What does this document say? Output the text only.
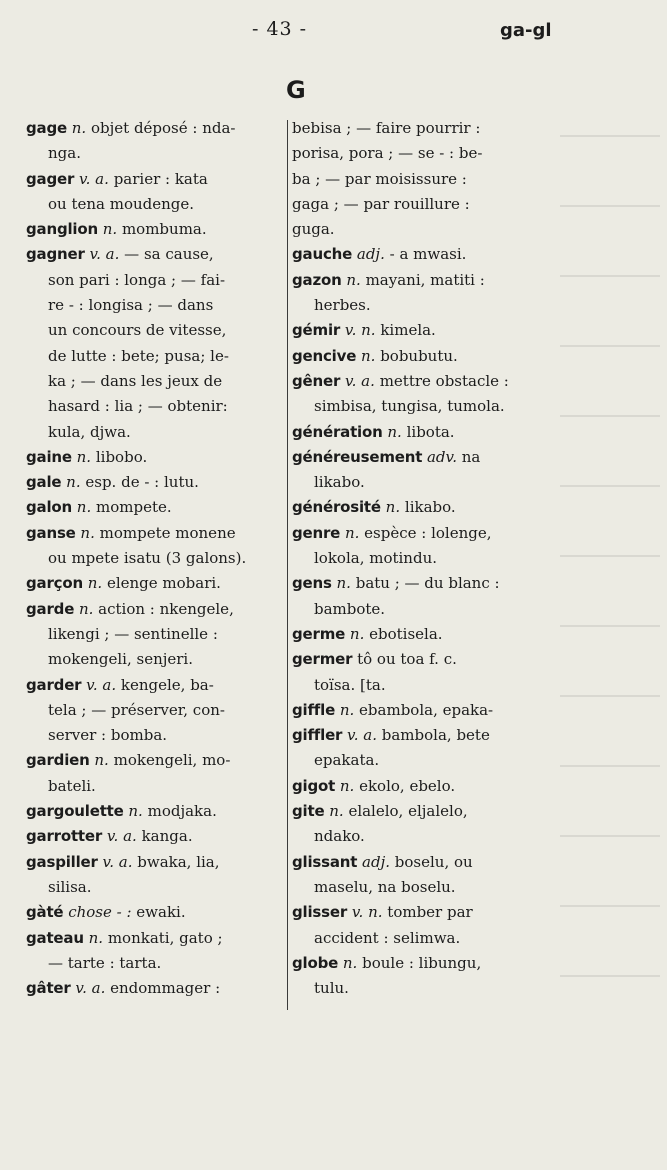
- 43 -	ga-gl
G
gage n. objet déposé : nda-
nga.
gager v. a. parier : kata
ou tena moudenge.
ganglion n. mombuma.
gagner v. a. — sa cause,
son pari : longa ; — fai-
re - : longisa ; — dans
un concours de vitesse,
de lutte : bete; pusa; le-
ka ; — dans les jeux de
hasard : lia ; — obtenir:
kula, djwa.
gaine n. libobo.
gale n. esp. de - : lutu.
galon n. mompete.
ganse n. mompete monene
ou mpete isatu (3 galons).
garçon n. elenge mobari.
garde n. action : nkengele,
likengi ; — sentinelle :
mokengeli, senjeri.
garder v. a. kengele, ba-
tela ; — préserver, con-
server : bomba.
gardien n. mokengeli, mo-
bateli.
gargoulette n. modjaka.
garrotter v. a. kanga.
gaspiller v. a. bwaka, lia,
silisa.
gàté chose - : ewaki.
gateau n. monkati, gato ;
— tarte : tarta.
gâter v. a. endommager :
bebisa ; — faire pourrir :
porisa, pora ; — se - : be-
ba ; — par moisissure :
gaga ; — par rouillure :
guga.
gauche adj. - a mwasi.
gazon n. mayani, matiti :
herbes.
gémir v. n. kimela.
gencive n. bobubutu.
gêner v. a. mettre obstacle :
simbisa, tungisa, tumola.
génération n. libota.
généreusement adv. na
likabo.
générosité n. likabo.
genre n. espèce : lolenge,
lokola, motindu.
gens n. batu ; — du blanc :
bambote.
germe n. ebotisela.
germer tô ou toa f. c.
toïsa. [ta.
giffle n. ebambola, epaka-
giffler v. a. bambola, bete
epakata.
gigot n. ekolo, ebelo.
gite n. elalelo, eljalelo,
ndako.
glissant adj. boselu, ou
maselu, na boselu.
glisser v. n. tomber par
accident : selimwa.
globe n. boule : libungu,
tulu.
